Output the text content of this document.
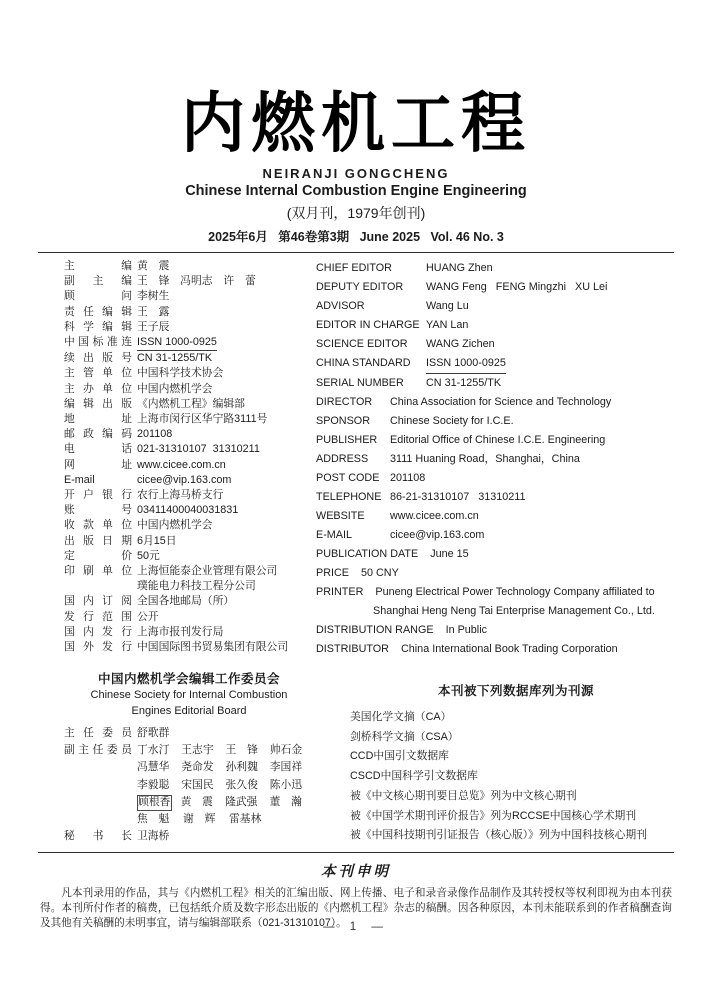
内燃机工程
NEIRANJI GONGCHENG
Chinese Internal Combustion Engine Engineering
(双月刊，1979年创刊)
2025年6月   第46卷第3期   June 2025   Vol. 46 No. 3
主编 黄　震
副主编 王　锋　冯明志　许　蕾
顾问 李树生
责任编辑 王　露
科学编辑 王子辰
中国标准连 ISSN 1000-0925
续出版号 CN 31-1255/TK
主管单位 中国科学技术协会
主办单位 中国内燃机学会
编辑出版 《内燃机工程》编辑部
地址 上海市闵行区华宁路3111号
邮政编码 201108
电话 021-31310107  31310211
网址 www.cicee.com.cn
E-mail	cicee@vip.163.com
开户银行 农行上海马桥支行
账号 03411400040031831
收款单位 中国内燃机学会
出版日期 6月15日
定价 50元
印刷单位 上海恒能泰企业管理有限公司
璞能电力科技工程分公司
国内订阅 全国各地邮局（所）
发行范围 公开
国内发行 上海市报刊发行局
国外发行 中国国际图书贸易集团有限公司
CHIEF EDITOR	HUANG Zhen
DEPUTY EDITOR	WANG Feng   FENG Mingzhi   XU Lei
ADVISOR	Wang Lu
EDITOR IN CHARGE YAN Lan
SCIENCE EDITOR	WANG Zichen
CHINA STANDARD	ISSN 1000-0925
SERIAL NUMBER	CN 31-1255/TK
DIRECTOR	China Association for Science and Technology
SPONSOR	Chinese Society for I.C.E.
PUBLISHER	Editorial Office of Chinese I.C.E. Engineering
ADDRESS	3111 Huaning Road，Shanghai，China
POST CODE 201108
TELEPHONE 86-21-31310107   31310211
WEBSITE	www.cicee.com.cn
E-MAIL	cicee@vip.163.com
PUBLICATION DATE June 15
PRICE 50 CNY
PRINTER Puneng Electrical Power Technology Company affiliated to
Shanghai Heng Neng Tai Enterprise Management Co., Ltd.
DISTRIBUTION RANGE In Public
DISTRIBUTOR China International Book Trading Corporation
中国内燃机学会编辑工作委员会
Chinese Society for Internal Combustion
Engines Editorial Board
主任委员 舒歌群
副主任委员 丁水汀 王志宇 王　锋 帅石金
冯慧华 尧命发 孙利魏 李国祥
李毅聪 宋国民 张久俊 陈小迅
顾根香 黄　震 隆武强 董　瀚
焦　魁	谢　辉	雷基林
秘书长 卫海桥
本刊被下列数据库列为刊源
美国化学文摘（CA）
剑桥科学文摘（CSA）
CCD中国引文数据库
CSCD中国科学引文数据库
被《中文核心期刊要目总览》列为中文核心期刊
被《中国学术期刊评价报告》列为RCCSE中国核心学术期刊
被《中国科技期刊引证报告（核心版）》列为中国科技核心期刊
本刊申明
凡本刊录用的作品，其与《内燃机工程》相关的汇编出版、网上传播、电子和录音录像作品制作及其转授权等权利即视为由本刊获得。本刊所付作者的稿费，已包括纸介质及数字形态出版的《内燃机工程》杂志的稿酬。因各种原因，本刊未能联系到的作者稿酬查询及其他有关稿酬的未明事宜，请与编辑部联系（021-31310107）。
— 1 —
